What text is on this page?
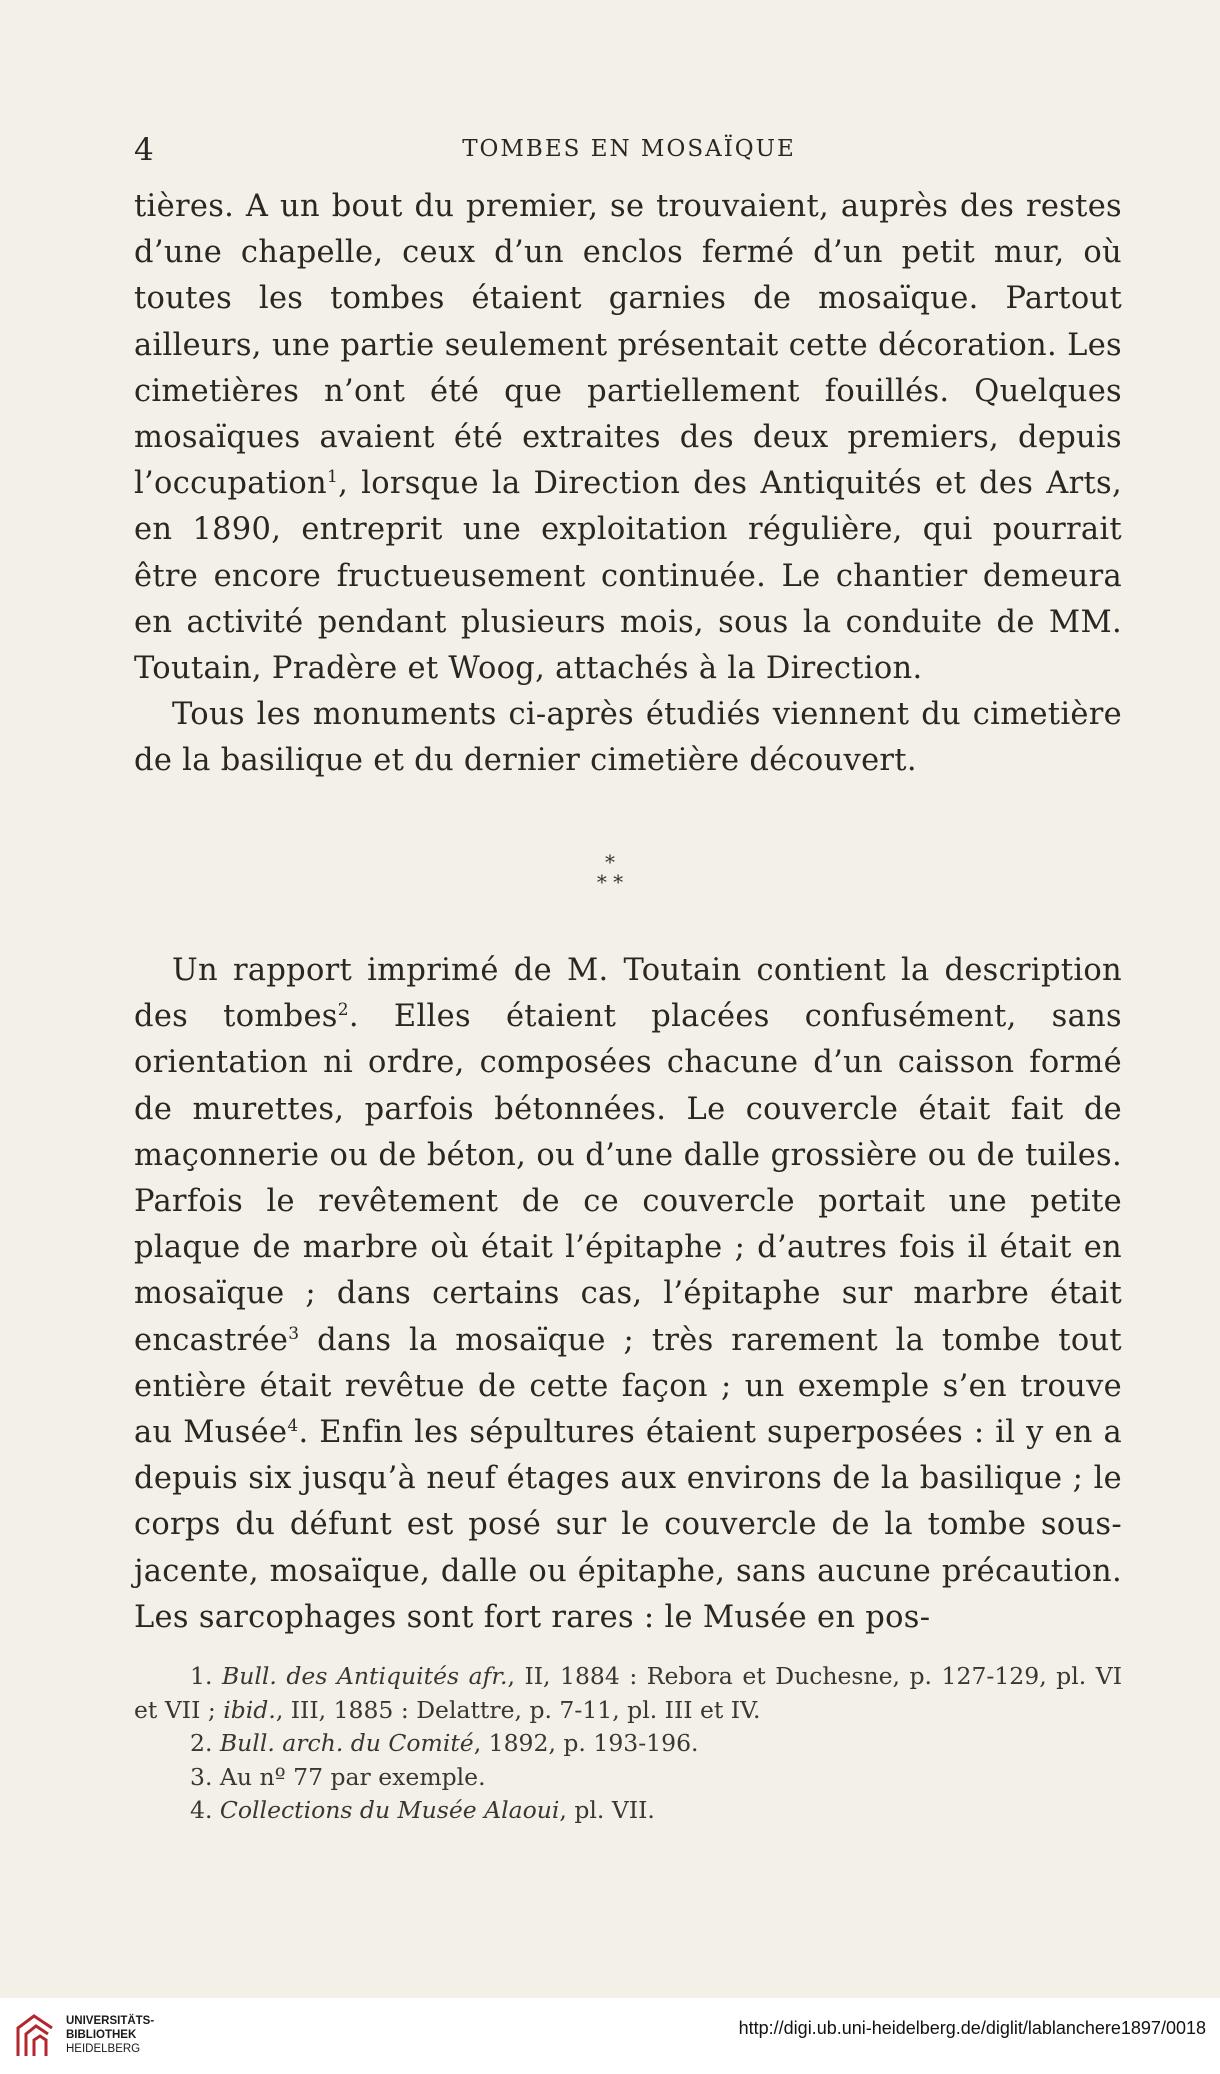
4	TOMBES EN MOSAÏQUE

tières. A un bout du premier, se trouvaient, auprès des restes d’une chapelle, ceux d’un enclos fermé d’un petit mur, où toutes les tombes étaient garnies de mosaïque. Partout ailleurs, une partie seulement présentait cette décoration. Les cimetières n’ont été que partiellement fouillés. Quelques mosaïques avaient été extraites des deux premiers, depuis l’occupation$^1$, lorsque la Direction des Antiquités et des Arts, en 1890, entreprit une exploitation régulière, qui pourrait être encore fructueusement continuée. Le chantier demeura en activité pendant plusieurs mois, sous la conduite de MM. Toutain, Pradère et Woog, attachés à la Direction.

Tous les monuments ci-après étudiés viennent du cimetière de la basilique et du dernier cimetière découvert.

*
* *

Un rapport imprimé de M. Toutain contient la description des tombes$^2$. Elles étaient placées confusément, sans orientation ni ordre, composées chacune d’un caisson formé de murettes, parfois bétonnées. Le couvercle était fait de maçonnerie ou de béton, ou d’une dalle grossière ou de tuiles. Parfois le revêtement de ce couvercle portait une petite plaque de marbre où était l’épitaphe ; d’autres fois il était en mosaïque ; dans certains cas, l’épitaphe sur marbre était encastrée$^3$ dans la mosaïque ; très rarement la tombe tout entière était revêtue de cette façon ; un exemple s’en trouve au Musée$^4$. Enfin les sépultures étaient superposées : il y en a depuis six jusqu’à neuf étages aux environs de la basilique ; le corps du défunt est posé sur le couvercle de la tombe sous-jacente, mosaïque, dalle ou épitaphe, sans aucune précaution. Les sarcophages sont fort rares : le Musée en pos-

1. Bull. des Antiquités afr., II, 1884 : Rebora et Duchesne, p. 127-129, pl. VI et VII ; ibid., III, 1885 : Delattre, p. 7-11, pl. III et IV.

2. Bull. arch. du Comité, 1892, p. 193-196.

3. Au nº 77 par exemple.

4. Collections du Musée Alaoui, pl. VII.

UNIVERSITÄTS-
BIBLIOTHEK
HEIDELBERG
http://digi.ub.uni-heidelberg.de/diglit/lablanchere1897/0018
